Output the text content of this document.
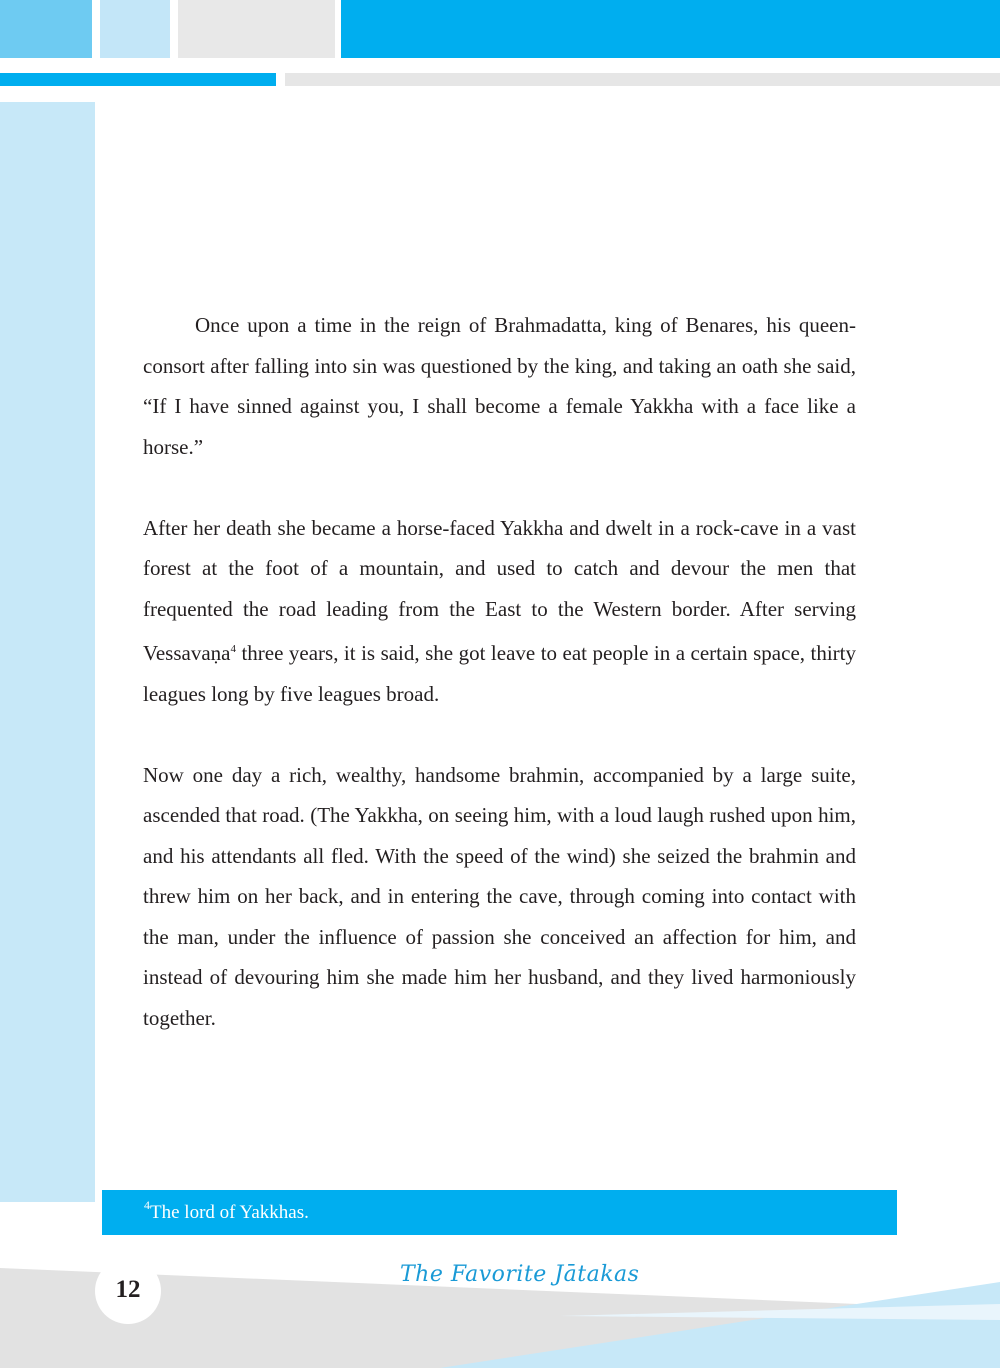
Once upon a time in the reign of Brahmadatta, king of Benares, his queen-consort after falling into sin was questioned by the king, and taking an oath she said, “If I have sinned against you, I shall become a female Yakkha with a face like a horse.”

After her death she became a horse-faced Yakkha and dwelt in a rock-cave in a vast forest at the foot of a mountain, and used to catch and devour the men that frequented the road leading from the East to the Western border. After serving Vessavaṇa$^4$ three years, it is said, she got leave to eat people in a certain space, thirty leagues long by five leagues broad.

Now one day a rich, wealthy, handsome brahmin, accompanied by a large suite, ascended that road. (The Yakkha, on seeing him, with a loud laugh rushed upon him, and his attendants all fled. With the speed of the wind) she seized the brahmin and threw him on her back, and in entering the cave, through coming into contact with the man, under the influence of passion she conceived an affection for him, and instead of devouring him she made him her husband, and they lived harmoniously together.

$^4$The lord of Yakkhas.
12
The Favorite Jātakas
